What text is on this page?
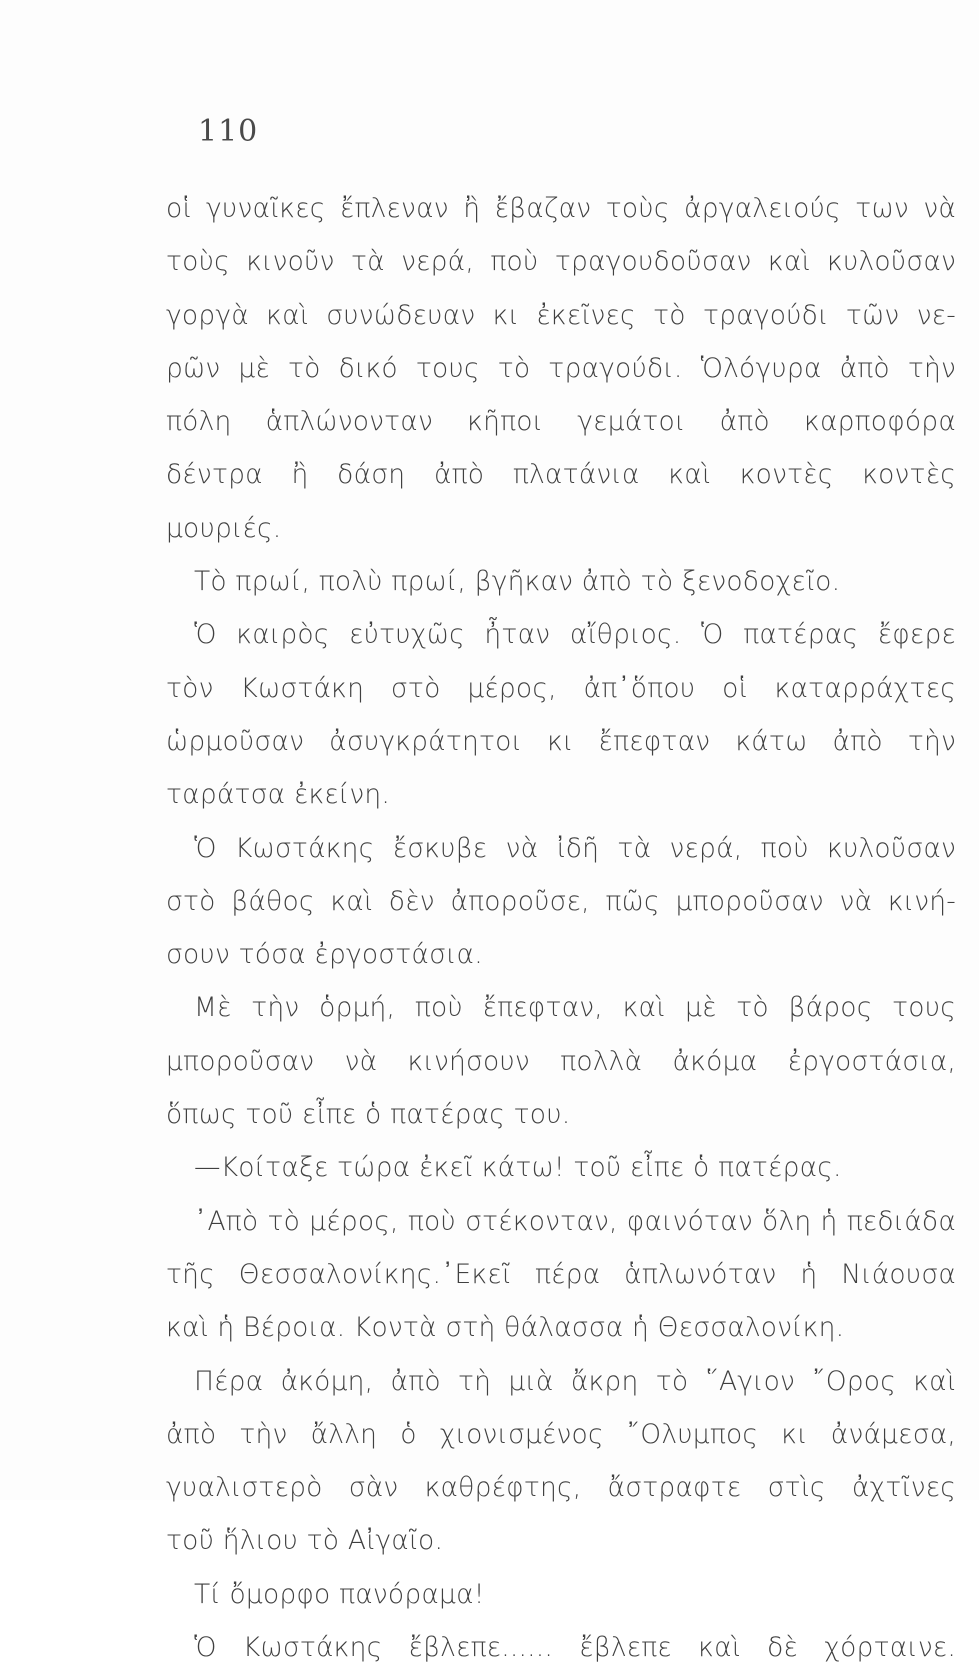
110
οἱ γυναῖκες ἔπλεναν ἢ ἔβαζαν τοὺς ἀργαλειούς των νὰ
τοὺς κινοῦν τὰ νερά, ποὺ τραγουδοῦσαν καὶ κυλοῦσαν
γοργὰ καὶ συνώδευαν κι ἐκεῖνες τὸ τραγούδι τῶν νε-
ρῶν μὲ τὸ δικό τους τὸ τραγούδι. Ὁλόγυρα ἀπὸ τὴν
πόλη ἁπλώνονταν κῆποι γεμάτοι ἀπὸ καρποφόρα
δέντρα ἢ δάση ἀπὸ πλατάνια καὶ κοντὲς κοντὲς
μουριές.
Τὸ πρωί, πολὺ πρωί, βγῆκαν ἀπὸ τὸ ξενοδοχεῖο.
Ὁ καιρὸς εὐτυχῶς ἦταν αἴθριος. Ὁ πατέρας ἔφερε
τὸν Κωστάκη στὸ μέρος, ἀπ᾿ὅπου οἱ καταρράχτες
ὡρμοῦσαν ἀσυγκράτητοι κι ἔπεφταν κάτω ἀπὸ τὴν
ταράτσα ἐκείνη.
Ὁ Κωστάκης ἔσκυβε νὰ ἰδῆ τὰ νερά, ποὺ κυλοῦσαν
στὸ βάθος καὶ δὲν ἀποροῦσε, πῶς μποροῦσαν νὰ κινή-
σουν τόσα ἐργοστάσια.
Μὲ τὴν ὁρμή, ποὺ ἔπεφταν, καὶ μὲ τὸ βάρος τους
μποροῦσαν νὰ κινήσουν πολλὰ ἀκόμα ἐργοστάσια,
ὅπως τοῦ εἶπε ὁ πατέρας του.
—Κοίταξε τώρα ἐκεῖ κάτω! τοῦ εἶπε ὁ πατέρας.
᾿Απὸ τὸ μέρος, ποὺ στέκονταν, φαινόταν ὅλη ἡ πεδιάδα
τῆς Θεσσαλονίκης.᾿Εκεῖ πέρα ἁπλωνόταν ἡ Νιάουσα
καὶ ἡ Βέροια. Κοντὰ στὴ θάλασσα ἡ Θεσσαλονίκη.
Πέρα ἀκόμη, ἀπὸ τὴ μιὰ ἄκρη τὸ ῞Αγιον ῎Ορος καὶ
ἀπὸ τὴν ἄλλη ὁ χιονισμένος ῎Ολυμπος κι ἀνάμεσα,
γυαλιστερὸ σὰν καθρέφτης, ἄστραφτε στὶς ἀχτῖνες
τοῦ ἥλιου τὸ Αἰγαῖο.
Τί ὄμορφο πανόραμα!
Ὁ Κωστάκης ἔβλεπε...... ἔβλεπε καὶ δὲ χόρταινε.
